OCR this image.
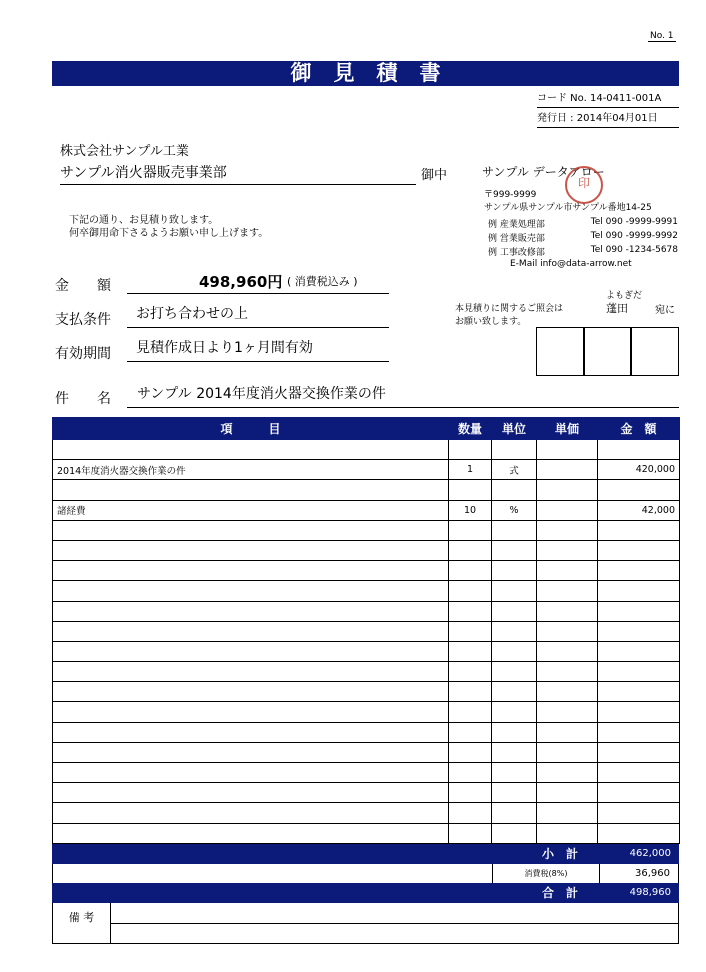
No. 1
御見積書
コード No. 14-0411-001A
発行日 : 2014年04月01日
株式会社サンプル工業
サンプル消火器販売事業部	御中
下記の通り、お見積り致します。
何卒御用命下さるようお願い申し上げます。
サンプル データアロー
印
〒999-9999
サンプル県サンプル市サンプル番地14-25
例 産業処理部	Tel 090 -9999-9991
例 営業販売部	Tel 090 -9999-9992
例 工事改修部	Tel 090 -1234-5678
E-Mail info@data-arrow.net
金　　額	498,960円 ( 消費税込み )
支払条件	お打ち合わせの上
有効期間	見積作成日より1ヶ月間有効
よもぎだ
本見積りに関するご照会は	蓬田	宛に
お願い致します。
件　　名	サンプル 2014年度消火器交換作業の件
項　　　目	数量	単位	単価	金　額

2014年度消火器交換作業の件	1	式		420,000

諸経費	10	%		42,000

小　計	462,000
消費税(8%)	36,960
合　計	498,960
備 考
